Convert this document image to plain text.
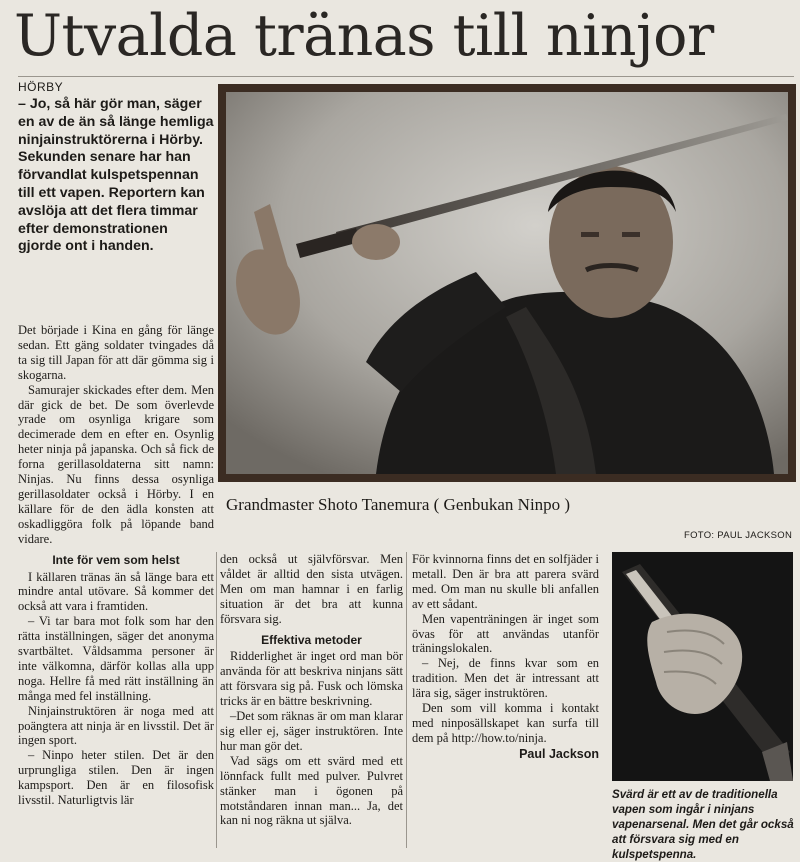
Utvalda tränas till ninjor
HÖRBY
– Jo, så här gör man, säger en av de än så länge hemliga ninjainstruktörerna i Hörby. Sekunden senare har han förvandlat kulspetspennan till ett vapen. Reportern kan avslöja att det flera timmar efter demonstrationen gjorde ont i handen.

Det började i Kina en gång för länge sedan. Ett gäng soldater tvingades då ta sig till Japan för att där gömma sig i skogarna.

Samurajer skickades efter dem. Men där gick de bet. De som överlevde yrade om osynliga krigare som decimerade dem en efter en. Osynlig heter ninja på japanska. Och så fick de forna gerillasoldaterna sitt namn: Ninjas. Nu finns dessa osynliga gerillasoldater också i Hörby. I en källare för de den ädla konsten att oskadliggöra folk på löpande band vidare.

Inte för vem som helst

I källaren tränas än så länge bara ett mindre antal utövare. Så kommer det också att vara i framtiden.

– Vi tar bara mot folk som har den rätta inställningen, säger det anonyma svartbältet. Våldsamma personer är inte välkomna, därför kollas alla upp noga. Hellre få med rätt inställning än många med fel inställning.

Ninjainstruktören är noga med att poängtera att ninja är en livsstil. Det är ingen sport.

– Ninpo heter stilen. Det är den urprungliga stilen. Den är ingen kampsport. Den är en filosofisk livsstil. Naturligtvis lär

den också ut självförsvar. Men våldet är alltid den sista utvägen. Men om man hamnar i en farlig situation är det bra att kunna försvara sig.

Effektiva metoder

Ridderlighet är inget ord man bör använda för att beskriva ninjans sätt att försvara sig på. Fusk och lömska tricks är en bättre beskrivning.

–Det som räknas är om man klarar sig eller ej, säger instruktören. Inte hur man gör det.

Vad sägs om ett svärd med ett lönnfack fullt med pulver. Pulvret stänker man i ögonen på motståndaren innan man... Ja, det kan ni nog räkna ut själva.

För kvinnorna finns det en solfjäder i metall. Den är bra att parera svärd med. Om man nu skulle bli anfallen av ett sådant.

Men vapenträningen är inget som övas för att användas utanför träningslokalen.

– Nej, de finns kvar som en tradition. Men det är intressant att lära sig, säger instruktören.

Den som vill komma i kontakt med ninposällskapet kan surfa till dem på http://how.to/ninja.

Paul Jackson
Grandmaster Shoto Tanemura ( Genbukan Ninpo )
FOTO: PAUL JACKSON
Svärd är ett av de traditionella vapen som ingår i ninjans vapenarsenal. Men det går också att försvara sig med en kulspetspenna.
